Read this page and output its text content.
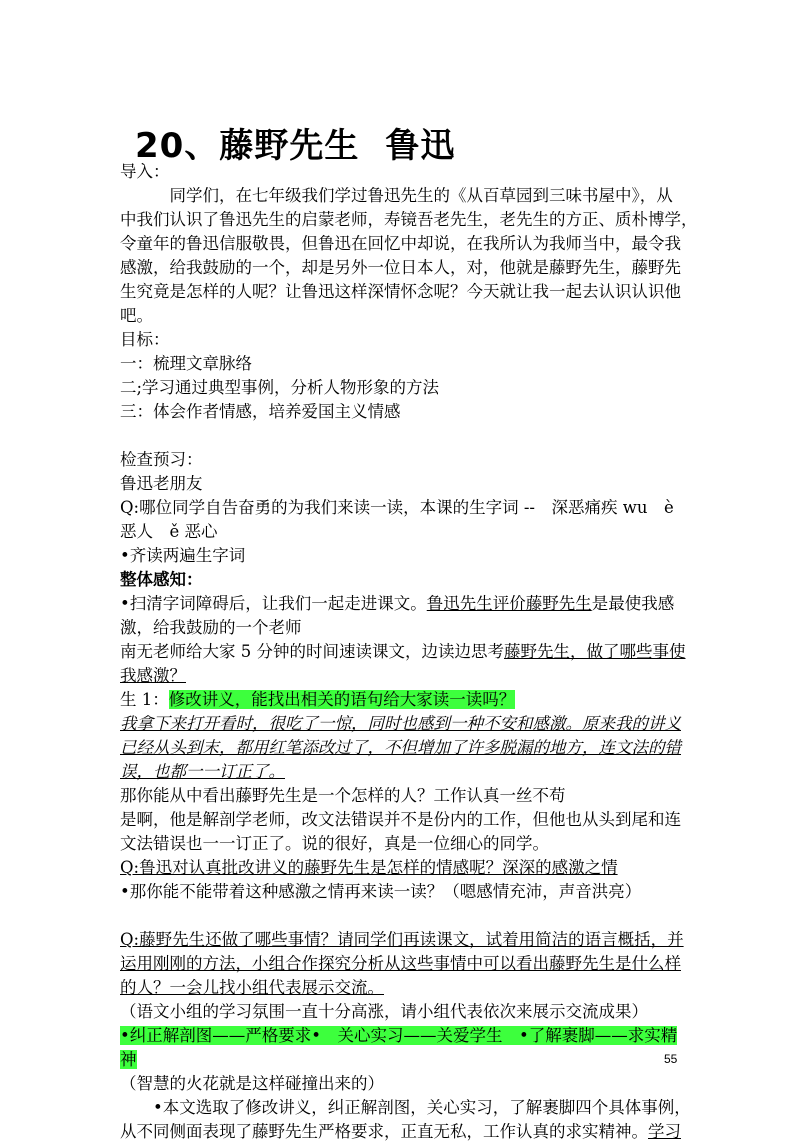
20、藤野先生 鲁迅
导入：
　　　同学们，在七年级我们学过鲁迅先生的《从百草园到三味书屋中》，从
中我们认识了鲁迅先生的启蒙老师，寿镜吾老先生，老先生的方正、质朴博学，
令童年的鲁迅信服敬畏，但鲁迅在回忆中却说，在我所认为我师当中，最令我
感激，给我鼓励的一个，却是另外一位日本人，对，他就是藤野先生，藤野先
生究竟是怎样的人呢？让鲁迅这样深情怀念呢？今天就让我一起去认识认识他
吧。
目标：
一：梳理文章脉络
二;学习通过典型事例，分析人物形象的方法
三：体会作者情感，培养爱国主义情感
检查预习：
鲁迅老朋友
Q:哪位同学自告奋勇的为我们来读一读，本课的生字词 --　深恶痛疾 wu　è
恶人　ě 恶心
•齐读两遍生字词
整体感知：
•扫清字词障碍后，让我们一起走进课文。鲁迅先生评价藤野先生是最使我感
激，给我鼓励的一个老师
南无老师给大家 5 分钟的时间速读课文，边读边思考藤野先生，做了哪些事使
我感激？
生 1：修改讲义，能找出相关的语句给大家读一读吗？
我拿下来打开看时，很吃了一惊，同时也感到一种不安和感激。原来我的讲义
已经从头到末，都用红笔添改过了，不但增加了许多脱漏的地方，连文法的错
误，也都一一订正了。
那你能从中看出藤野先生是一个怎样的人？工作认真一丝不苟
是啊，他是解剖学老师，改文法错误并不是份内的工作，但他也从头到尾和连
文法错误也一一订正了。说的很好，真是一位细心的同学。
Q:鲁迅对认真批改讲义的藤野先生是怎样的情感呢？深深的感激之情
•那你能不能带着这种感激之情再来读一读？（嗯感情充沛，声音洪亮）
Q:藤野先生还做了哪些事情？请同学们再读课文，试着用简洁的语言概括，并
运用刚刚的方法，小组合作探究分析从这些事情中可以看出藤野先生是什么样
的人？一会儿找小组代表展示交流。
（语文小组的学习氛围一直十分高涨，请小组代表依次来展示交流成果）
•纠正解剖图——严格要求•　关心实习——关爱学生　•了解裹脚——求实精
神
（智慧的火花就是这样碰撞出来的）
　　•本文选取了修改讲义，纠正解剖图，关心实习，了解裹脚四个具体事例，
从不同侧面表现了藤野先生严格要求，正直无私，工作认真的求实精神。学习
55
